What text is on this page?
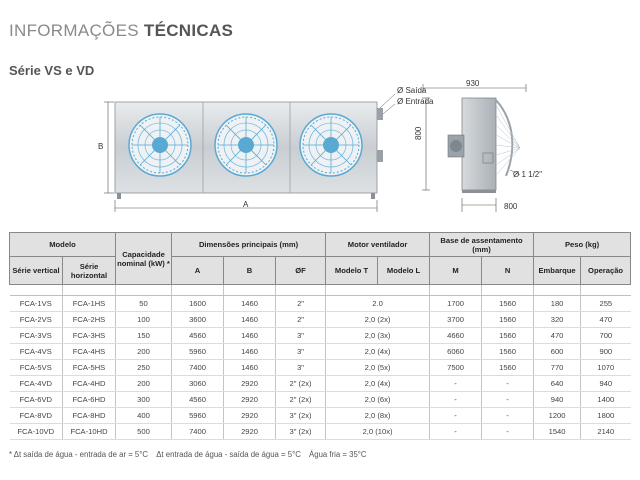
INFORMAÇÕES TÉCNICAS
Série VS e VD
B
A
Ø Saída
Ø Entrada
930
800
800
Ø 1 1/2"
Modelo		Capacidade nominal (kW) *	Dimensões principais (mm)			Motor ventilador		Base de assentamento (mm)		Peso (kg)	
Série vertical	Série horizontal		A	B	ØF	Modelo T	Modelo L	M	N	Embarque	Operação

FCA-1VS	FCA-1HS	50	1600	1460	2"	2.0		1700	1560	180	255
FCA-2VS	FCA-2HS	100	3600	1460	2"	2,0 (2x)		3700	1560	320	470
FCA-3VS	FCA-3HS	150	4560	1460	3"	2,0 (3x)		4660	1560	470	700
FCA-4VS	FCA-4HS	200	5960	1460	3"	2,0 (4x)		6060	1560	600	900
FCA-5VS	FCA-5HS	250	7400	1460	3"	2,0 (5x)		7500	1560	770	1070
FCA-4VD	FCA-4HD	200	3060	2920	2" (2x)	2,0 (4x)		-	-	640	940
FCA-6VD	FCA-6HD	300	4560	2920	2" (2x)	2,0 (6x)		-	-	940	1400
FCA-8VD	FCA-8HD	400	5960	2920	3" (2x)	2,0 (8x)		-	-	1200	1800
FCA-10VD	FCA-10HD	500	7400	2920	3" (2x)	2,0 (10x)		-	-	1540	2140
* Δt saída de água - entrada de ar = 5°C Δt entrada de água - saída de água = 5°C Água fria = 35°C
